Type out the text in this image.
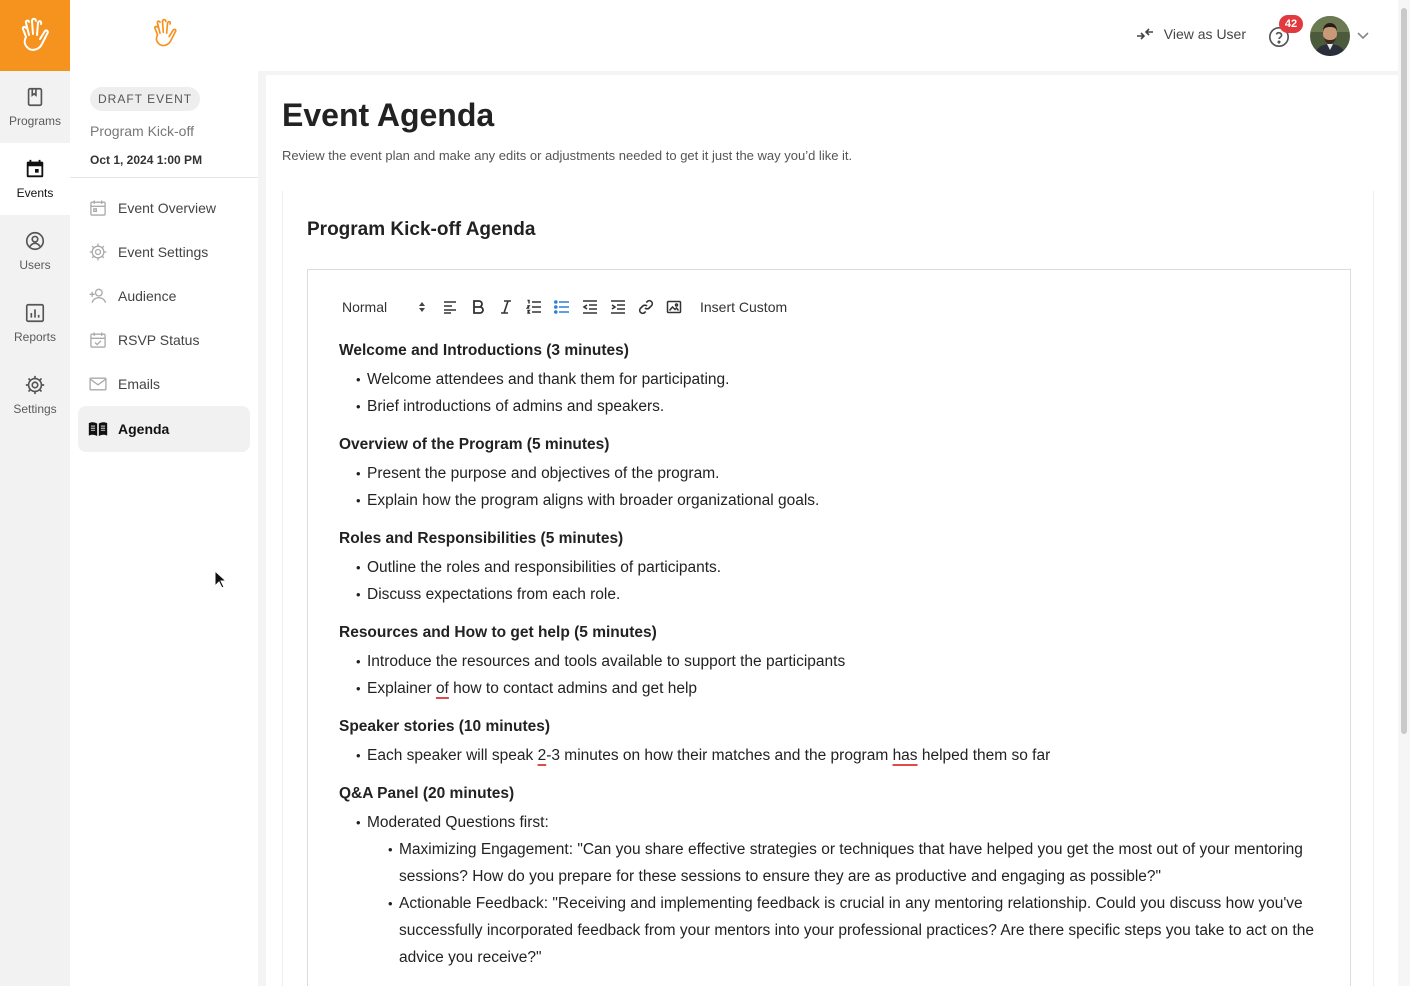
Programs
Events
Users
Reports
Settings
View as User
42
DRAFT EVENT
Program Kick-off
Oct 1, 2024 1:00 PM
Event Overview
Event Settings
Audience
RSVP Status
Emails
Agenda
Event Agenda

Review the event plan and make any edits or adjustments needed to get it just the way you’d like it.

Program Kick-off Agenda
Normal	Insert Custom
Welcome and Introductions (3 minutes)
• Welcome attendees and thank them for participating.
• Brief introductions of admins and speakers.
Overview of the Program (5 minutes)
• Present the purpose and objectives of the program.
• Explain how the program aligns with broader organizational goals.
Roles and Responsibilities (5 minutes)
• Outline the roles and responsibilities of participants.
• Discuss expectations from each role.
Resources and How to get help (5 minutes)
• Introduce the resources and tools available to support the participants
• Explainer of how to contact admins and get help
Speaker stories (10 minutes)
• Each speaker will speak 2-3 minutes on how their matches and the program has helped them so far
Q&A Panel (20 minutes)
• Moderated Questions first:
• Maximizing Engagement: "Can you share effective strategies or techniques that have helped you get the most out of your mentoring sessions? How do you prepare for these sessions to ensure they are as productive and engaging as possible?"
• Actionable Feedback: "Receiving and implementing feedback is crucial in any mentoring relationship. Could you discuss how you've successfully incorporated feedback from your mentors into your professional practices? Are there specific steps you take to act on the advice you receive?"
